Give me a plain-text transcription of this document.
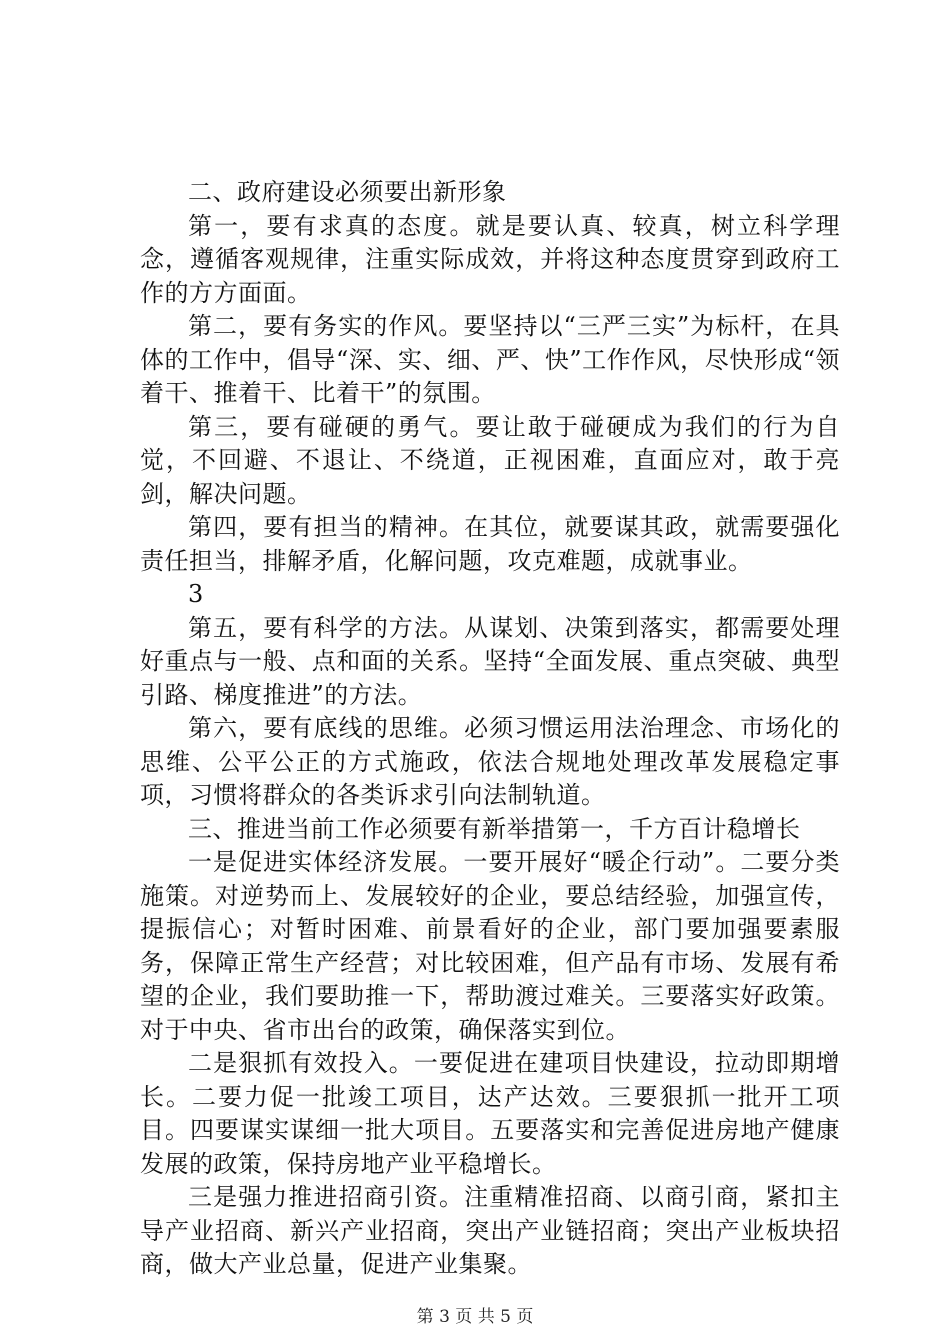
二、政府建设必须要出新形象

第一，要有求真的态度。就是要认真、较真，树立科学理念，遵循客观规律，注重实际成效，并将这种态度贯穿到政府工作的方方面面。

第二，要有务实的作风。要坚持以“三严三实”为标杆，在具体的工作中，倡导“深、实、细、严、快”工作作风，尽快形成“领着干、推着干、比着干”的氛围。

第三，要有碰硬的勇气。要让敢于碰硬成为我们的行为自觉，不回避、不退让、不绕道，正视困难，直面应对，敢于亮剑，解决问题。

第四，要有担当的精神。在其位，就要谋其政，就需要强化责任担当，排解矛盾，化解问题，攻克难题，成就事业。

3

第五，要有科学的方法。从谋划、决策到落实，都需要处理好重点与一般、点和面的关系。坚持“全面发展、重点突破、典型引路、梯度推进”的方法。

第六，要有底线的思维。必须习惯运用法治理念、市场化的思维、公平公正的方式施政，依法合规地处理改革发展稳定事项，习惯将群众的各类诉求引向法制轨道。

三、推进当前工作必须要有新举措第一，千方百计稳增长

一是促进实体经济发展。一要开展好“暖企行动”。二要分类施策。对逆势而上、发展较好的企业，要总结经验，加强宣传，提振信心；对暂时困难、前景看好的企业，部门要加强要素服务，保障正常生产经营；对比较困难，但产品有市场、发展有希望的企业，我们要助推一下，帮助渡过难关。三要落实好政策。对于中央、省市出台的政策，确保落实到位。

二是狠抓有效投入。一要促进在建项目快建设，拉动即期增长。二要力促一批竣工项目，达产达效。三要狠抓一批开工项目。四要谋实谋细一批大项目。五要落实和完善促进房地产健康发展的政策，保持房地产业平稳增长。

三是强力推进招商引资。注重精准招商、以商引商，紧扣主导产业招商、新兴产业招商，突出产业链招商；突出产业板块招商，做大产业总量，促进产业集聚。

第 3 页 共 5 页
